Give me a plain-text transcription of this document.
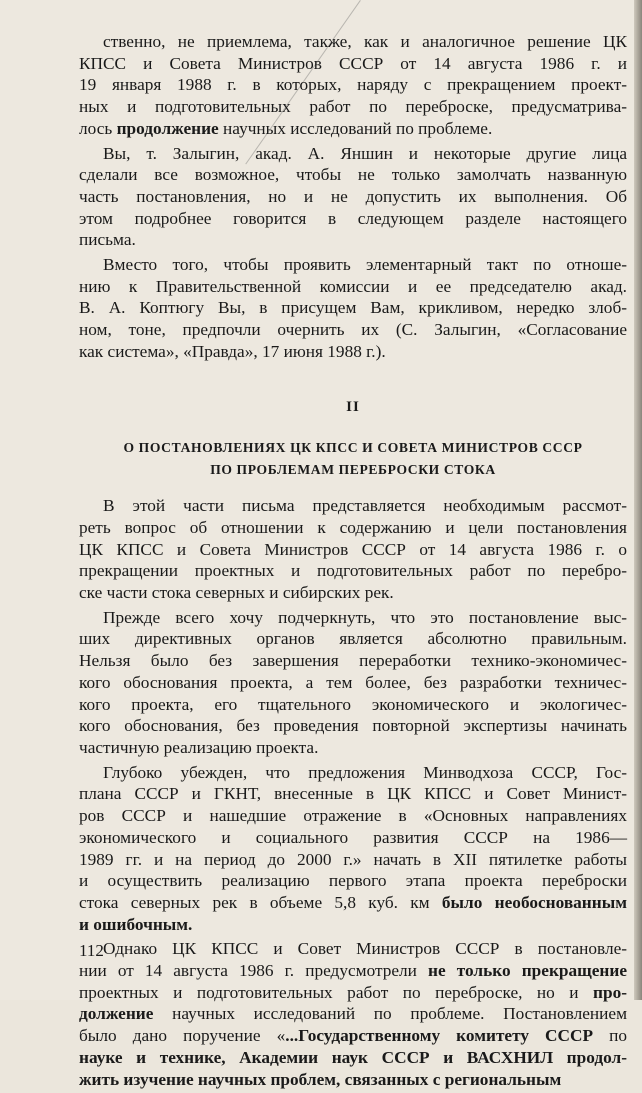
ственно, не приемлема, также, как и аналогичное решение ЦК
КПСС и Совета Министров СССР от 14 августа 1986 г. и
19 января 1988 г. в которых, наряду с прекращением проект-
ных и подготовительных работ по переброске, предусматрива-
лось продолжение научных исследований по проблеме.
Вы, т. Залыгин, акад. А. Яншин и некоторые другие лица
сделали все возможное, чтобы не только замолчать названную
часть постановления, но и не допустить их выполнения. Об
этом подробнее говорится в следующем разделе настоящего
письма.
Вместо того, чтобы проявить элементарный такт по отноше-
нию к Правительственной комиссии и ее председателю акад.
В. А. Коптюгу Вы, в присущем Вам, крикливом, нередко злоб-
ном, тоне, предпочли очернить их (С. Залыгин, «Согласование
как система», «Правда», 17 июня 1988 г.).
II
О ПОСТАНОВЛЕНИЯХ ЦК КПСС И СОВЕТА МИНИСТРОВ СССР
ПО ПРОБЛЕМАМ ПЕРЕБРОСКИ СТОКА
В этой части письма представляется необходимым рассмот-
реть вопрос об отношении к содержанию и цели постановления
ЦК КПСС и Совета Министров СССР от 14 августа 1986 г. о
прекращении проектных и подготовительных работ по перебро-
ске части стока северных и сибирских рек.
Прежде всего хочу подчеркнуть, что это постановление выс-
ших директивных органов является абсолютно правильным.
Нельзя было без завершения переработки технико-экономичес-
кого обоснования проекта, а тем более, без разработки техничес-
кого проекта, его тщательного экономического и экологичес-
кого обоснования, без проведения повторной экспертизы начинать
частичную реализацию проекта.
Глубоко убежден, что предложения Минводхоза СССР, Гос-
плана СССР и ГКНТ, внесенные в ЦК КПСС и Совет Минист-
ров СССР и нашедшие отражение в «Основных направлениях
экономического и социального развития СССР на 1986—
1989 гг. и на период до 2000 г.» начать в XII пятилетке работы
и осуществить реализацию первого этапа проекта переброски
стока северных рек в объеме 5,8 куб. км было необоснованным
и ошибочным.
Однако ЦК КПСС и Совет Министров СССР в постановле-
нии от 14 августа 1986 г. предусмотрели не только прекращение
проектных и подготовительных работ по переброске, но и про-
должение научных исследований по проблеме. Постановлением
было дано поручение «...Государственному комитету СССР по
науке и технике, Академии наук СССР и ВАСХНИЛ продол-
жить изучение научных проблем, связанных с региональным
112
